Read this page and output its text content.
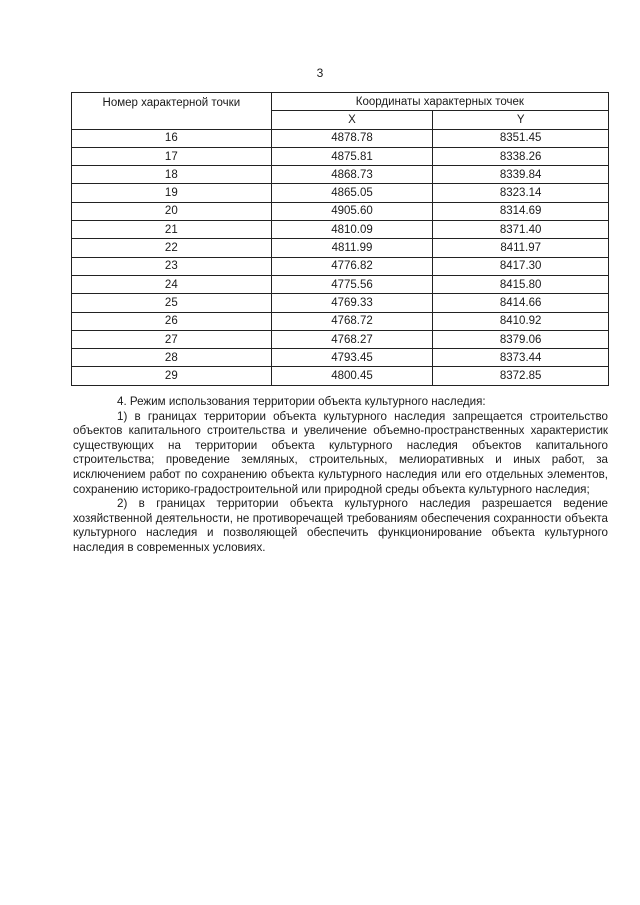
3
Номер характерной точки	Координаты характерных точек	
	X	Y
16	4878.78	8351.45
17	4875.81	8338.26
18	4868.73	8339.84
19	4865.05	8323.14
20	4905.60	8314.69
21	4810.09	8371.40
22	4811.99	8411.97
23	4776.82	8417.30
24	4775.56	8415.80
25	4769.33	8414.66
26	4768.72	8410.92
27	4768.27	8379.06
28	4793.45	8373.44
29	4800.45	8372.85

4. Режим использования территории объекта культурного наследия:

1) в границах территории объекта культурного наследия запрещается строительство объектов капитального строительства и увеличение объемно-пространственных характеристик существующих на территории объекта культурного наследия объектов капитального строительства; проведение земляных, строительных, мелиоративных и иных работ, за исключением работ по сохранению объекта культурного наследия или его отдельных элементов, сохранению историко-градостроительной или природной среды объекта культурного наследия;

2) в границах территории объекта культурного наследия разрешается ведение хозяйственной деятельности, не противоречащей требованиям обеспечения сохранности объекта культурного наследия и позволяющей обеспечить функционирование объекта культурного наследия в современных условиях.
